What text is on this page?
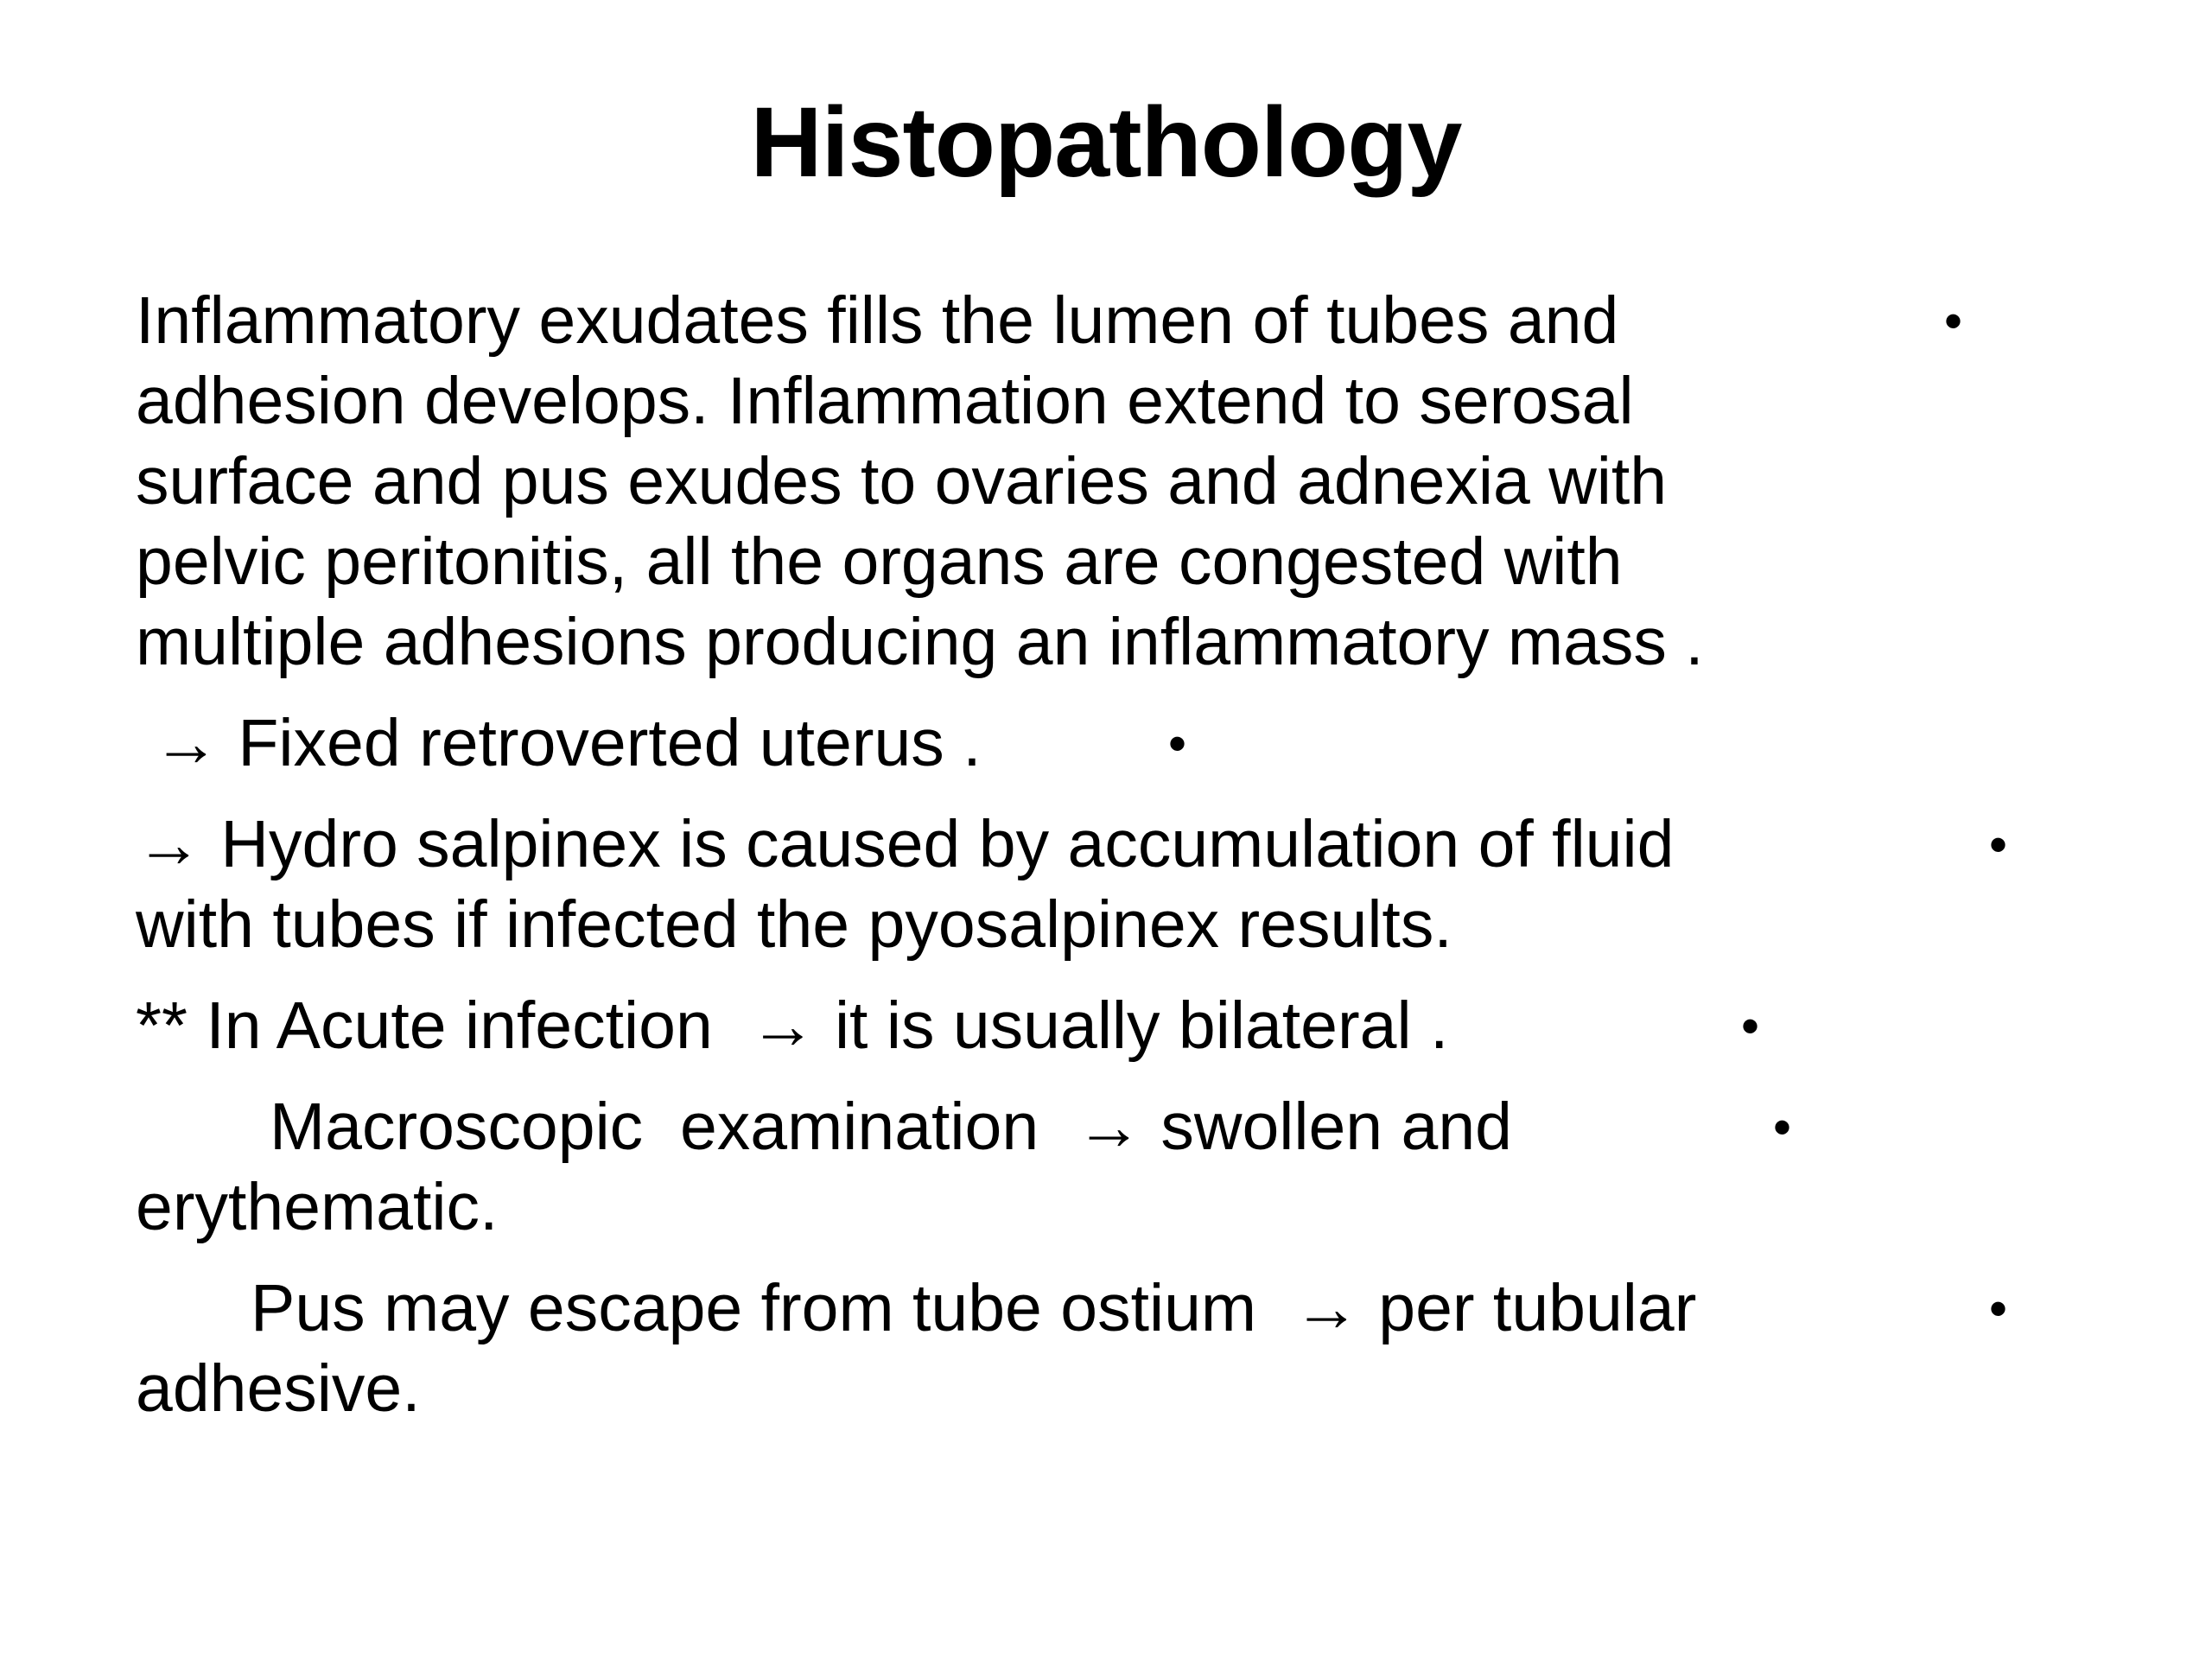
Histopathology
•
Inflammatory exudates fills the lumen of tubes and
adhesion develops. Inflammation extend to serosal
surface and pus exudes to ovaries and adnexia with
pelvic peritonitis, all the organs are congested with
multiple adhesions producing an inflammatory mass .
•
→ Fixed retroverted uterus .
•
→ Hydro salpinex is caused by accumulation of fluid
with tubes if infected the pyosalpinex results.
•
** In Acute infection  → it is usually bilateral .
•
Macroscopic  examination  → swollen and
erythematic.
•
Pus may escape from tube ostium  → per tubular
adhesive.
